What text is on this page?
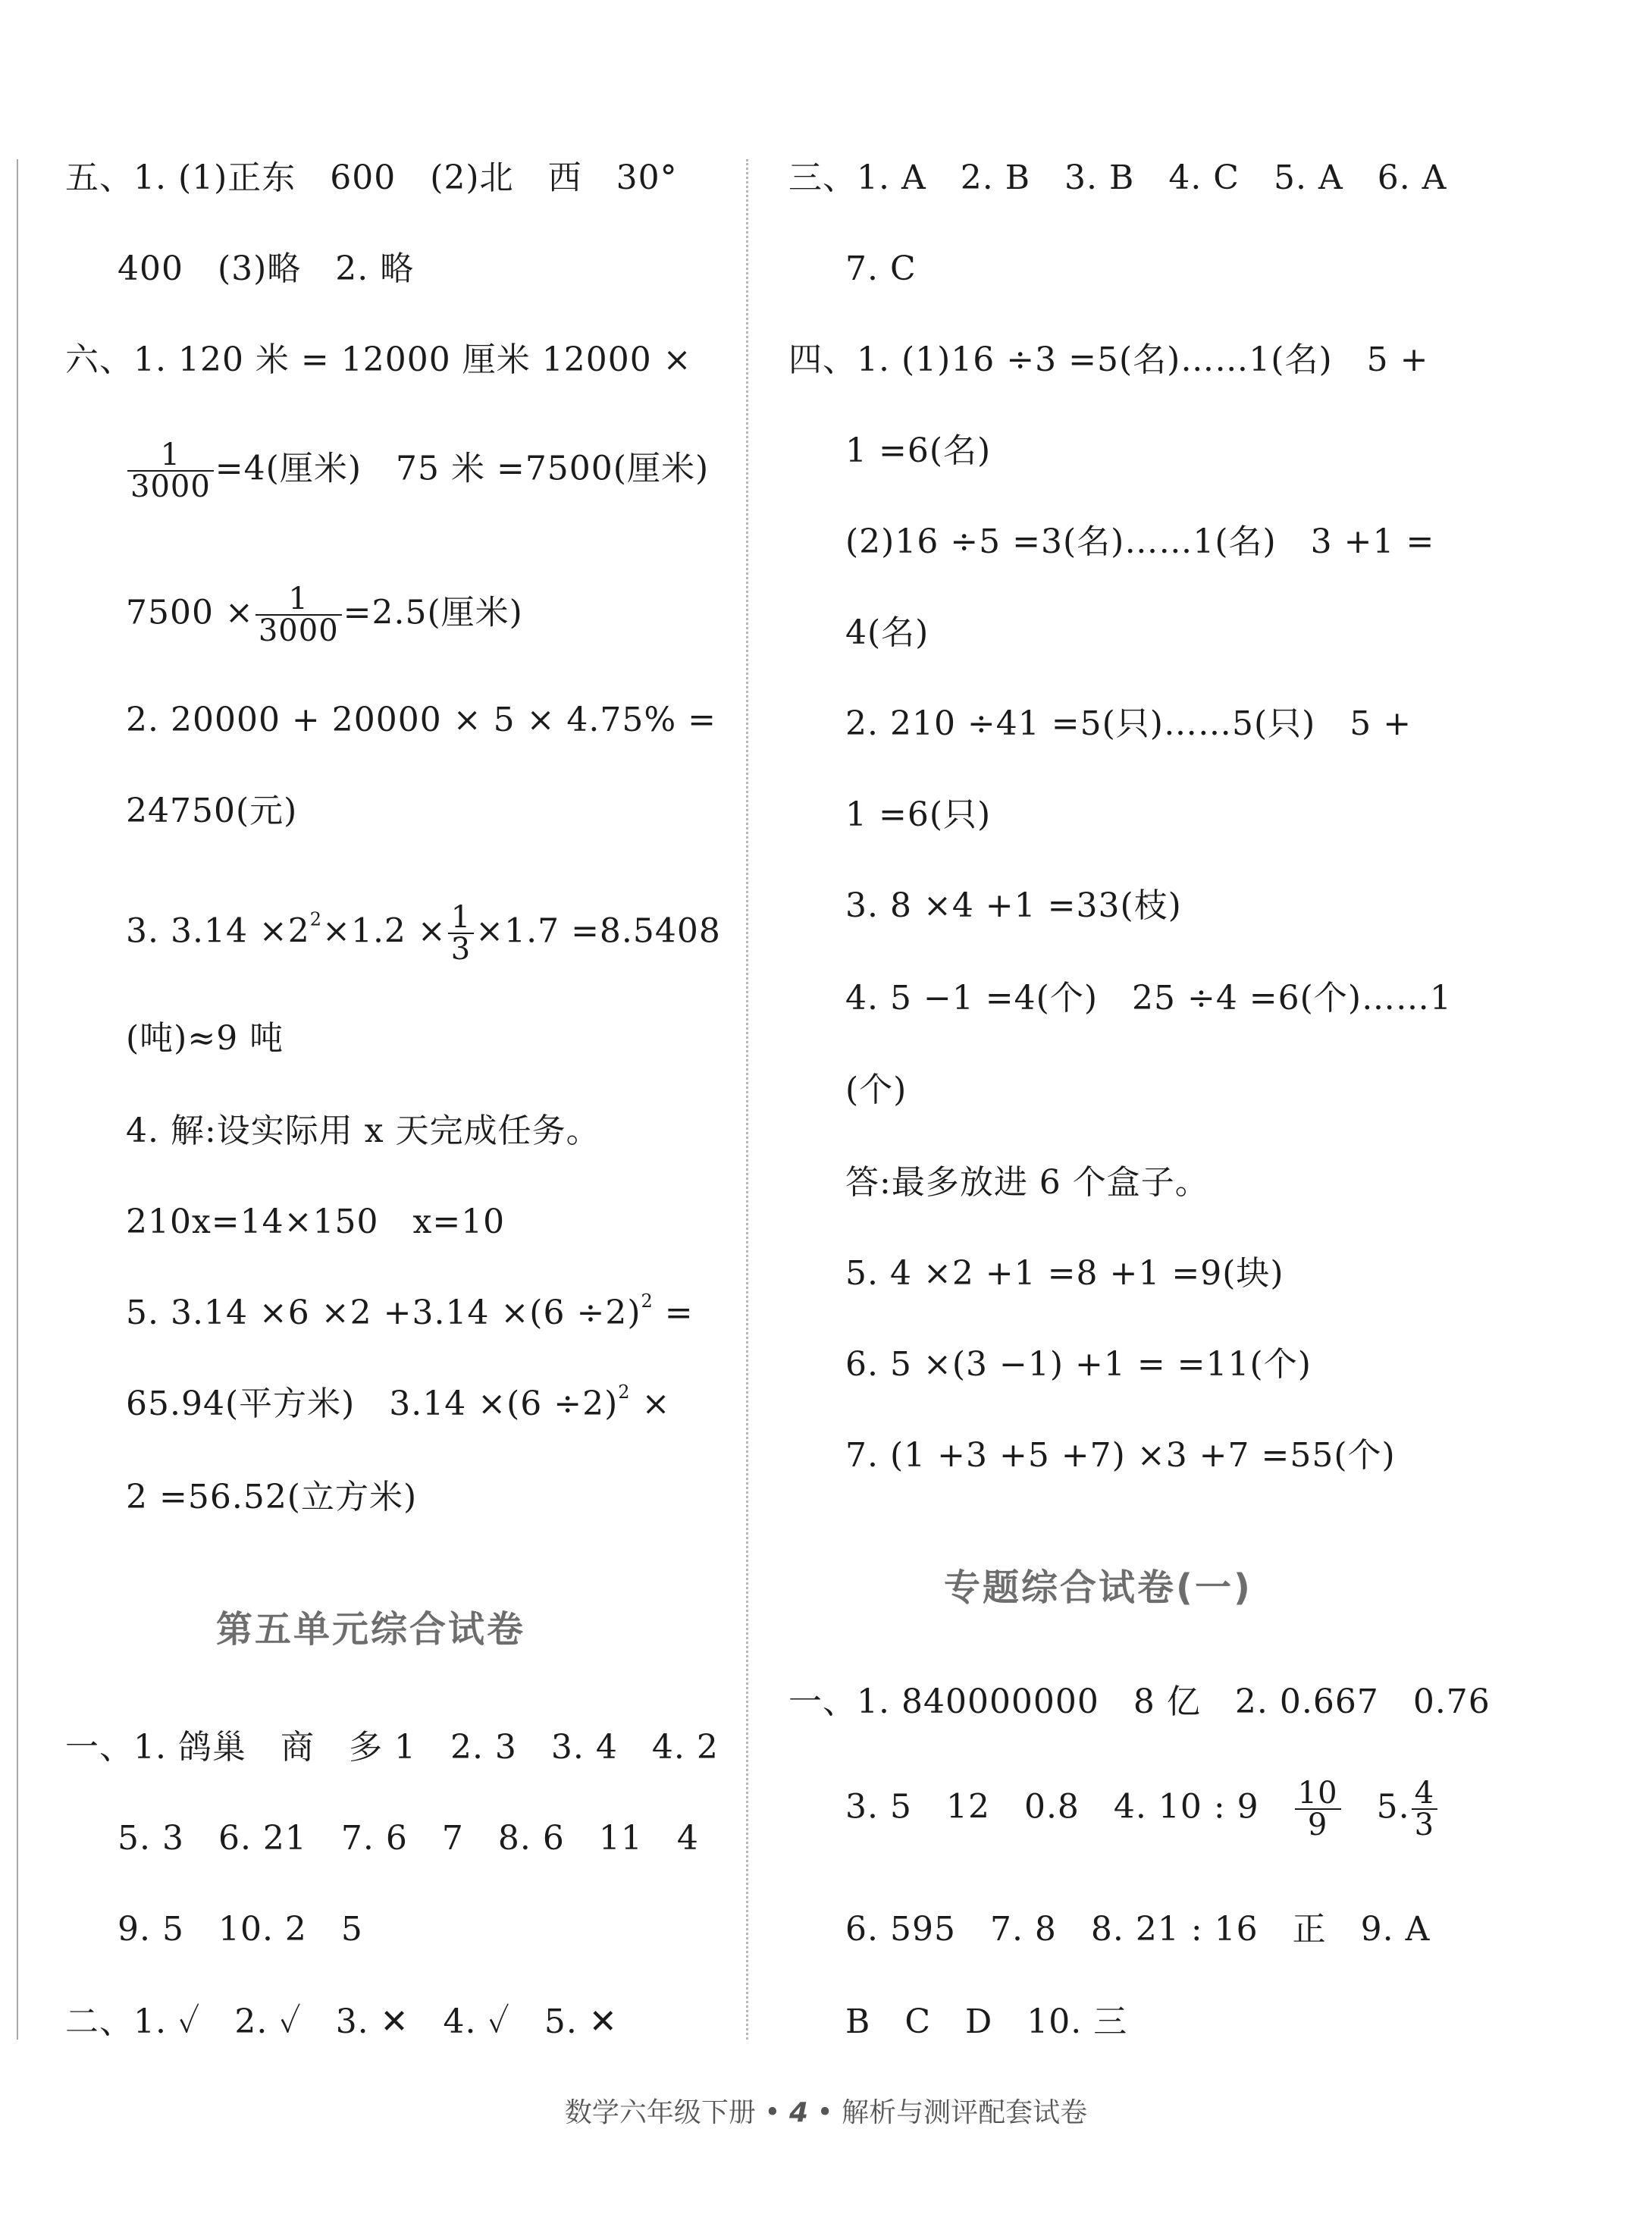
五、1. (1)正东　600　(2)北　西　30°
400　(3)略　2. 略
六、1. 120 米 = 12000 厘米 12000 ×
$\frac{1}{3000} =4$(厘米)　75 米 =7500(厘米)
$7500 \times \frac{1}{3000} =2.5$(厘米)
2. 20000 + 20000 × 5 × 4.75% =
24750(元)
3. $3.14 \times 2^2\times 1.2 \times \frac{1}{3} \times 1.7 =8.5408$
(吨)≈9 吨
4. 解:设实际用 x 天完成任务。
210x=14×150　x=10
5. $3.14 \times 6 \times 2 +3.14 \times(6 \div 2)^2$ =
65.94(平方米)　$3.14 \times(6 \div 2)^2$ ×
2 =56.52(立方米)
第五单元综合试卷
一、1. 鸽巢　商　多 1　2. 3　3. 4　4. 2
5. 3　6. 21　7. 6　7　8. 6　11　4
9. 5　10. 2　5
二、1. ✓　2. ✓　3. ✕　4. ✓　5. ✕
三、1. A　2. B　3. B　4. C　5. A　6. A
7. C
四、1. (1)16 ÷3 =5(名)……1(名)　5 +
1 =6(名)
(2)16 ÷5 =3(名)……1(名)　3 +1 =
4(名)
2. 210 ÷41 =5(只)……5(只)　5 +
1 =6(只)
3. 8 ×4 +1 =33(枝)
4. 5 −1 =4(个)　25 ÷4 =6(个)……1
(个)
答:最多放进 6 个盒子。
5. 4 ×2 +1 =8 +1 =9(块)
6. 5 ×(3 −1) +1 = =11(个)
7. (1 +3 +5 +7) ×3 +7 =55(个)
专题综合试卷(一)
一、1. 840000000　8 亿　2. 0.667　0.76
3. 5　12　0.8　4. 10 : 9　 $\frac{10}{9}$
　 5. $\frac{4}{3}$
6. 595　7. 8　8. 21 : 16　正　9. A
B　C　D　10. 三
数学六年级下册 • 4 • 解析与测评配套试卷
